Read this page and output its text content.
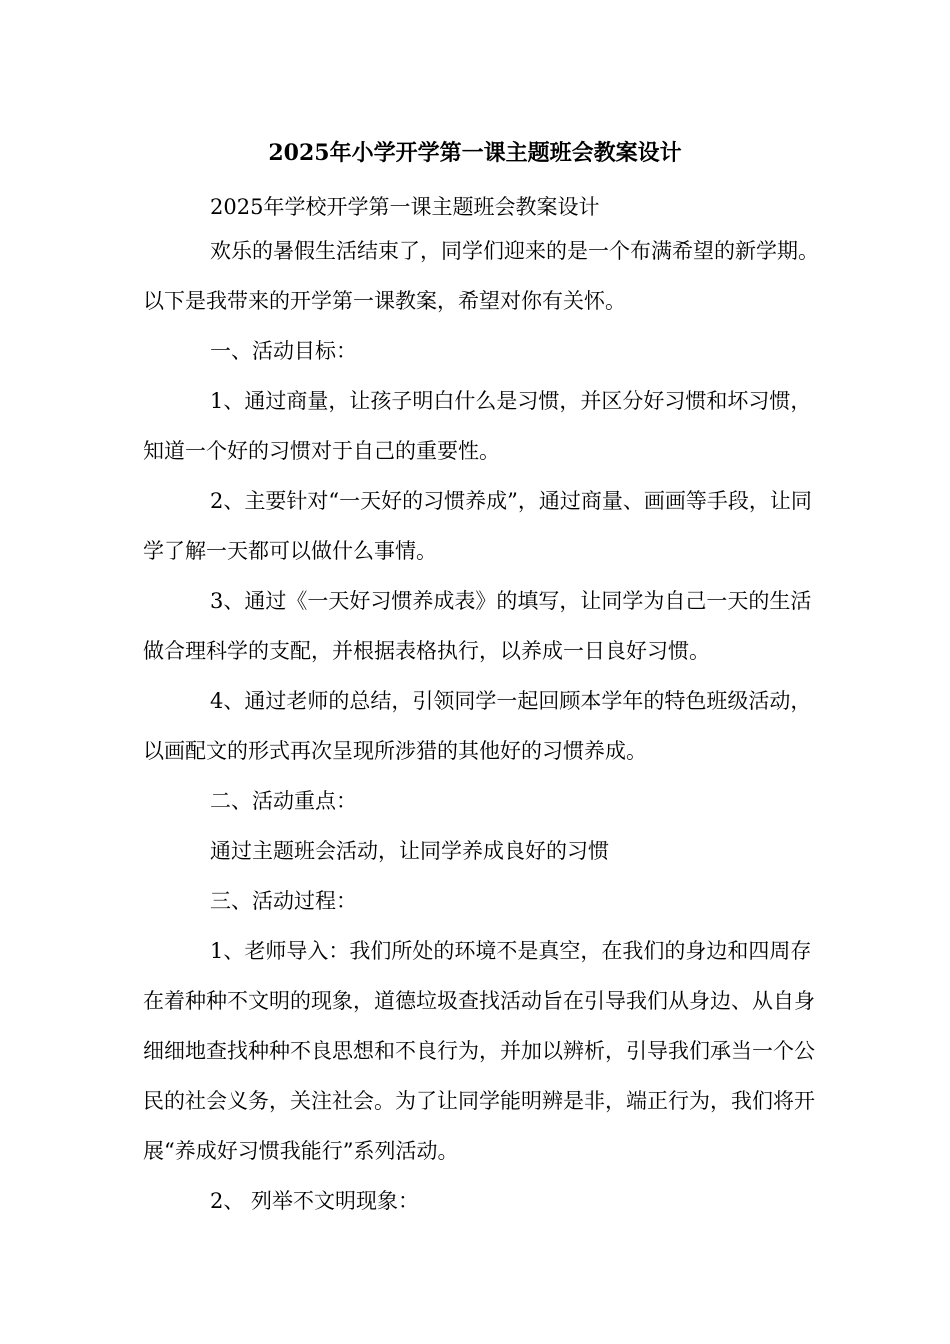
2025年小学开学第一课主题班会教案设计
2025年学校开学第一课主题班会教案设计
欢乐的暑假生活结束了，同学们迎来的是一个布满希望的新学期。以下是我带来的开学第一课教案，希望对你有关怀。
一、活动目标：
1、通过商量，让孩子明白什么是习惯，并区分好习惯和坏习惯，知道一个好的习惯对于自己的重要性。
2、主要针对“一天好的习惯养成”，通过商量、画画等手段，让同学了解一天都可以做什么事情。
3、通过《一天好习惯养成表》的填写，让同学为自己一天的生活做合理科学的支配，并根据表格执行，以养成一日良好习惯。
4、通过老师的总结，引领同学一起回顾本学年的特色班级活动，以画配文的形式再次呈现所涉猎的其他好的习惯养成。
二、活动重点：
通过主题班会活动，让同学养成良好的习惯
三、活动过程：
1、老师导入：我们所处的环境不是真空，在我们的身边和四周存在着种种不文明的现象，道德垃圾查找活动旨在引导我们从身边、从自身细细地查找种种不良思想和不良行为，并加以辨析，引导我们承当一个公民的社会义务，关注社会。为了让同学能明辨是非，端正行为，我们将开展“养成好习惯我能行”系列活动。
2、 列举不文明现象：
